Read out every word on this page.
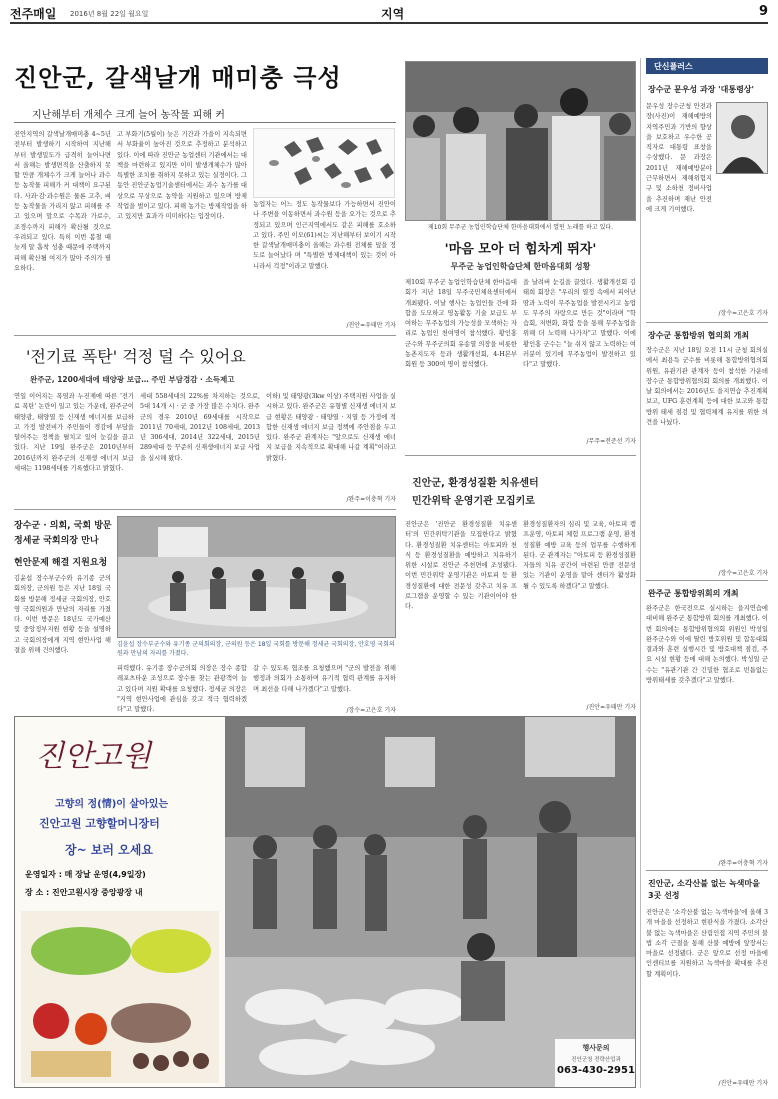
전주매일 2016년 8월 22일 월요일	지역	9
진안군, 갈색날개 매미충 극성
지난해부터 개체수 크게 늘어 농작물 피해 커
진안지역의 갈색날개매미충 4~5년 전부터 발생하기 시작하여 지난해부터 발생밀도가 급격히 늘어나면서 올해는 발생면적을 산출하지 못할 만큼 개체수가 크게 늘어나 과수 등 농작물 피해가 커 대책이 요구된다. 사과·감·과수원은 물론 고추, 벼 등 농작물을 가리지 않고 피해를 주고 있으며 앞으로 수목과 가로수, 조경수까지 피해가 확산될 것으로 우려되고 있다. 특히 이번 봄철 때 늦게 알 흡착 성충 때문에 주택까지 피해 확산될 여지가 많아 주의가 필요하다.
고 부화기(5월이) 늦은 기간과 가을이 지속되면서 부화율이 높아진 것으로 추정하고 분석하고 있다. 이에 따라 진안군 농업센터 기관에서는 대책을 마련하고 있지만 이미 발생개체수가 많아 특별한 조치를 취하지 못하고 있는 실정이다. 그동안 진안군농업기술센터에서는 과수 농가를 대상으로 무상으로 농약을 지원하고 있으며 방제작업을 벌이고 있다. 피해 농가는 방제작업을 하고 있지만 효과가 미미하다는 입장이다.
농업자는 어느 정도 농작물보다 가능하면서 진안이나 주변을 이동하면서 과수원 등을 오가는 것으로 추정되고 있으며 인근지역에서도 같은 피해를 호소하고 있다. 주민 이모(61)씨는 지난해부터 보이기 시작한 갈색날개매미충이 올해는 과수원 전체를 덮을 정도로 늘어났다 며 "특별한 방제대책이 있는 것이 아니라서 걱정"이라고 말했다.
/진안=우태만 기자
제10회 무주군 농업인학습단체 한마음대회에서 열띤 노래를 하고 있다.
'마음 모아 더 힘차게 뛰자'
무주군 농업인학습단체 한마음대회 성황
제10회 무주군 농업인학습단체 한마음대회가 지난 18일 무주국민체육센터에서 개최됐다. 이날 행사는 농업인들 간에 화합을 도모하고 영농활동 기술 보급도 부여하는 무주농업의 가능성을 모색하는 자리로 농업인 천여명이 참석했다. 황인홍 군수와 무주군의회 유송열 의장을 비롯한 농촌지도자 등과 생활개선회, 4-H본부 회원 등 300여 명이 참석했다.
을 날려버 눈길을 끌었다. 생활개선회 김태희 회장은 "우리의 열정 속에서 피어난 땀과 노력이 무주농업을 발전시키고 농업도 무주의 자랑으로 만든 것"이라며 "학습회, 저변화, 화합 등을 통해 무주농업을 위해 더 노력해 나가자"고 말했다. 이에 황인홍 군수는 "늘 쉬지 않고 노력하는 여러분이 있기에 무주농업이 발전하고 있다"고 말했다.
/무주=전준선 기자
'전기료 폭탄' 걱정 덜 수 있어요
완주군, 1200세대에 태양광 보급… 주민 부담경감 · 소득제고
연일 이어지는 폭염과 누진제에 따른 '전기료 폭탄' 논란이 일고 있는 가운데, 완주군이 태양광, 태양열 등 신재생 에너지를 보급하고 가정 발전비가 주민들이 경감에 부담을 덜어주는 정책을 펼치고 있어 눈길을 끌고 있다. 지난 19일 완주군은 2010년부터 2016년까지 완주군의 신재생 에너지 보급세대는 1198세대를 기록했다고 밝혔다.
세대 558세대의 22%를 차지하는 것으로, 5대 14개 시 · 군 중 가장 많은 수치다. 완주군의 경우 2010년 69세대를 시작으로 2011년 70세대, 2012년 108세대, 2013년 306세대, 2014년 322세대, 2015년 289세대 등 꾸준히 신재생에너지 보급 사업을 실시해 왔다.
이하) 및 태양광(3kw 이상) 주택지원 사업을 실시하고 있다. 완주군은 유형별 신재생 에너지 보급 현황은 태양광 · 태양열 · 지열 등 가정에 적합한 신재생 에너지 보급 정책에 주안점을 두고 있다. 완주군 관계자는 "앞으로도 신재생 에너지 보급을 지속적으로 확대해 나갈 계획"이라고 밝혔다.
/완주=이충혁 기자
장수군 · 의회, 국회 방문
정세균 국회의장 만나
현안문제 해결 지원요청
김윤섭 장수부군수와 유기종 군의회의장, 군의원 등은 지난 18일 국회를 방문해 정세균 국회의장, 안호영 국회의원과 만남의 자리를 가졌다. 이번 방문은 18년도 국가예산 및 중앙정부지원 현황 등을 설명하고 국회의장에게 지역 현안사업 해결을 위해 건의했다.
김윤섭 장수부군수와 유기종 군의회의장, 군의원 등은 18일 국회를 방문해 정세균 국회의장, 안호영 국회의원과 만남의 자리를 가졌다.
피력했다. 유기종 장수군의회 의장은 장수 종합레포츠타운 조성으로 장수를 찾는 관광객이 늘고 있다며 지원 확대를 요청했다. 정세균 의장은 "지역 현안사업에 관심을 갖고 적극 협력하겠다"고 말했다.
갈 수 있도록 협조를 요청했으며 "군의 발전을 위해 행정과 의회가 소통하며 유기적 협력 관계를 유지하며 최선을 다해 나가겠다"고 말했다.
/장수=고은호 기자
진안군, 환경성질환 치유센터
민간위탁 운영기관 모집키로
진안군은 '진안군 환경성질환 치유센터'의 민간위탁기관을 모집한다고 밝혔다. 환경성질환 치유센터는 아토피와 천식 등 환경성질환을 예방하고 치유하기 위한 시설로 진안군 주천면에 조성됐다. 이번 민간위탁 운영기관은 아토피 등 환경성질환에 대한 전문성 갖추고 치유 프로그램을 운영할 수 있는 기관이어야 한다.
환경성질환자의 심리 및 교육, 아토피 캠프운영, 아토피 체험 프로그램 운영, 환경성질환 예방 교육 등의 업무를 수행하게 된다. 군 관계자는 "아토피 등 환경성질환자들의 치유 공간이 마련된 만큼 전문성 있는 기관이 운영을 맡아 센터가 활성화될 수 있도록 하겠다"고 말했다.
/진안=우태만 기자
진안고원
고향의 정(情)이 살아있는
진안고원 고향할머니장터
장~ 보러 오세요
운영일자 : 매 장날 운영(4,9일장)
장 소 : 진안고원시장 중앙광장 내
행사문의
진안군청 전략산업과
063-430-2951
단신플러스
장수군 문우성 과장 '대통령상'
문우성 장수군청 안전과장(사진)이 재해예방의 지역주민과 기반의 향상을 보호하고 우수한 공직자로 대통령 표창을 수상했다. 문 과장은 2011년 재해예방분야 근무하면서 재해위험지구 및 소하천 정비사업을 추진하며 재난 안전에 크게 기여했다.
/장수=고은호 기자
장수군 통합방위 협의회 개최
장수군은 지난 18일 오전 11시 군청 회의실에서 최용득 군수를 비롯해 통합방위협의회 위원, 유관기관 관계자 등이 참석한 가운데 장수군 통합방위협의회 회의를 개최했다. 이날 회의에서는 2016년도 을지연습 추진계획 보고, UFG 훈련계획 등에 대한 보고와 통합방위 태세 점검 및 협력체계 유지를 위한 의견을 나눴다.
/장수=고은호 기자
완주군 통합방위회의 개최
완주군은 한국전으로 실시하는 을지연습에 대비해 완주군 통합방위 회의를 개최했다. 이번 회의에는 통합방위협의회 위원인 박성일 완주군수와 이에 딸린 방호위원 및 합동대회 결과와 훈련 실행시간 및 방호대책 점검, 주요 시설 현황 등에 대해 논의했다. 박성일 군수는 "유관기관 간 긴밀한 협조로 빈틈없는 방위태세를 갖추겠다"고 말했다.
/완주=이충혁 기자
진안군, 소각산불 없는 녹색마을 3곳 선정
진안군은 '소각산불 없는 녹색마을'에 올해 3개 마을을 선정하고 현판식을 가졌다. 소각산불 없는 녹색마을은 산림인접 지역 주민의 불법 소각 근절을 통해 산불 예방에 앞장서는 마을로 선정됐다. 군은 앞으로 선정 마을에 인센티브를 지원하고 녹색마을 확대를 추진할 계획이다.
/진안=우태만 기자
